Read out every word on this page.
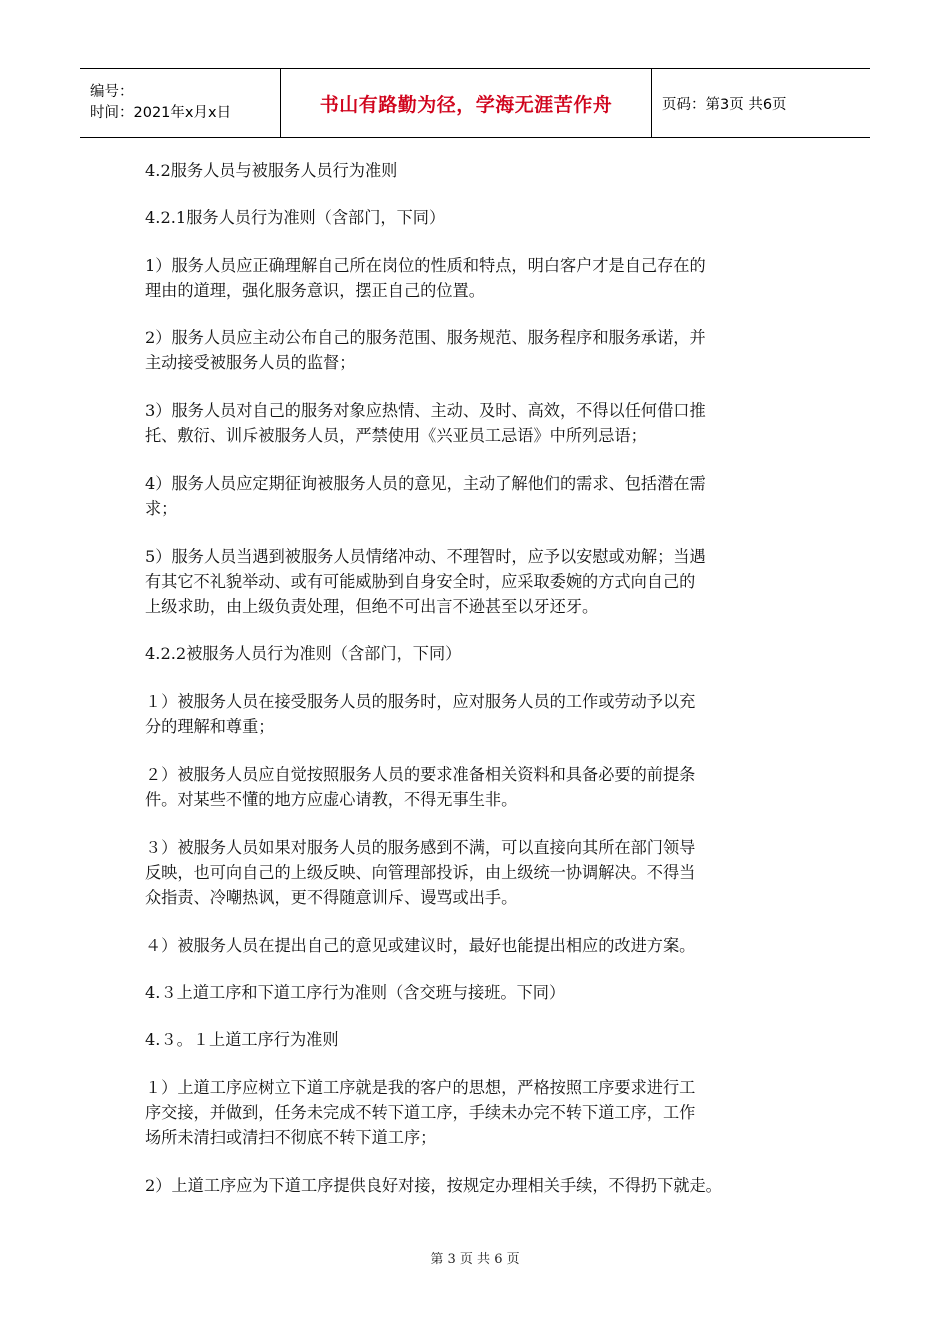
编号：
时间：2021年x月x日	书山有路勤为径，学海无涯苦作舟	页码：第3页 共6页

4.2服务人员与被服务人员行为准则

4.2.1服务人员行为准则（含部门，下同）

1）服务人员应正确理解自己所在岗位的性质和特点，明白客户才是自己存在的
理由的道理，强化服务意识，摆正自己的位置。

2）服务人员应主动公布自己的服务范围、服务规范、服务程序和服务承诺，并
主动接受被服务人员的监督；

3）服务人员对自己的服务对象应热情、主动、及时、高效，不得以任何借口推
托、敷衍、训斥被服务人员，严禁使用《兴亚员工忌语》中所列忌语；

4）服务人员应定期征询被服务人员的意见，主动了解他们的需求、包括潜在需
求；

5）服务人员当遇到被服务人员情绪冲动、不理智时，应予以安慰或劝解；当遇
有其它不礼貌举动、或有可能威胁到自身安全时，应采取委婉的方式向自己的
上级求助，由上级负责处理，但绝不可出言不逊甚至以牙还牙。

4.2.2被服务人员行为准则（含部门，下同）

１）被服务人员在接受服务人员的服务时，应对服务人员的工作或劳动予以充
分的理解和尊重；

２）被服务人员应自觉按照服务人员的要求准备相关资料和具备必要的前提条
件。对某些不懂的地方应虚心请教，不得无事生非。

３）被服务人员如果对服务人员的服务感到不满，可以直接向其所在部门领导
反映，也可向自己的上级反映、向管理部投诉，由上级统一协调解决。不得当
众指责、冷嘲热讽，更不得随意训斥、谩骂或出手。

４）被服务人员在提出自己的意见或建议时，最好也能提出相应的改进方案。

4.３上道工序和下道工序行为准则（含交班与接班。下同）

4.３。１上道工序行为准则

１）上道工序应树立下道工序就是我的客户的思想，严格按照工序要求进行工
序交接，并做到，任务未完成不转下道工序，手续未办完不转下道工序，工作
场所未清扫或清扫不彻底不转下道工序；

2）上道工序应为下道工序提供良好对接，按规定办理相关手续，不得扔下就走。

第 3 页 共 6 页
